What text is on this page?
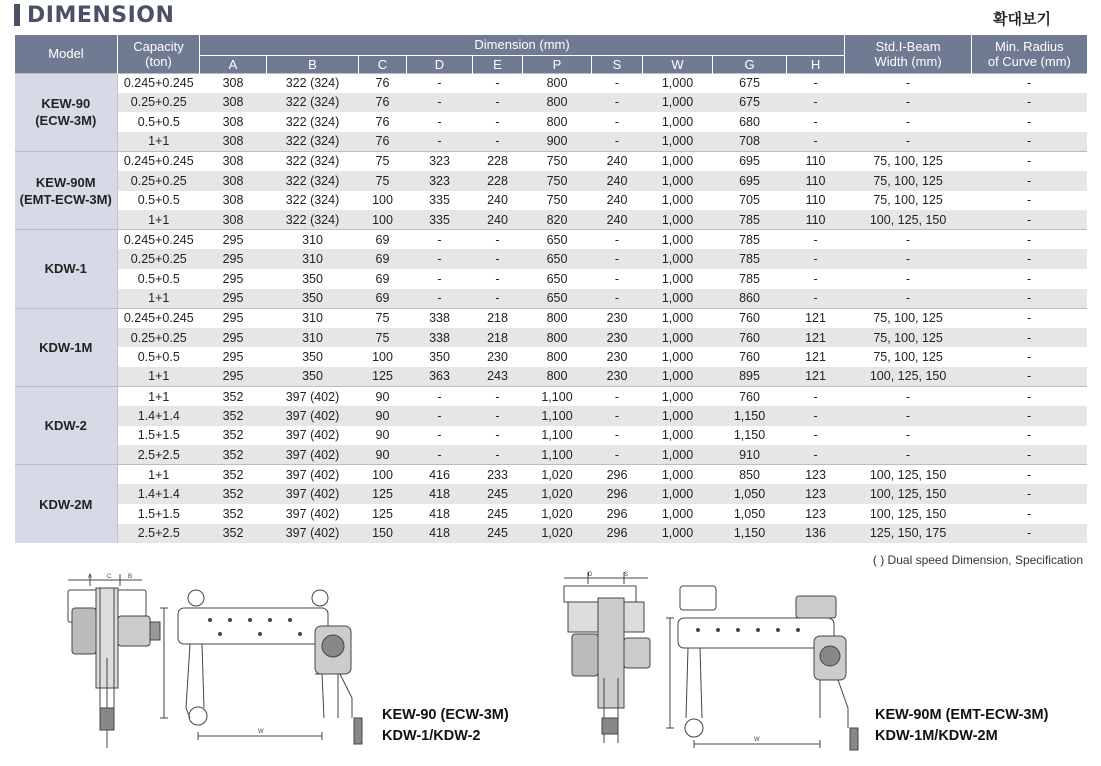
DIMENSION	확대보기
Model	Capacity
(ton)	Dimension (mm)										Std.I-Beam
Width (mm)	Min. Radius
of Curve (mm)
		A	B	C	D	E	P	S	W	G	H		

KEW-90
(ECW-3M)	0.245+0.245	308	322 (324)	76	-	-	800	-	1,000	675	-	-	-
	0.25+0.25	308	322 (324)	76	-	-	800	-	1,000	675	-	-	-
	0.5+0.5	308	322 (324)	76	-	-	800	-	1,000	680	-	-	-
	1+1	308	322 (324)	76	-	-	900	-	1,000	708	-	-	-

KEW-90M
(EMT-ECW-3M)	0.245+0.245	308	322 (324)	75	323	228	750	240	1,000	695	110	75, 100, 125	-
	0.25+0.25	308	322 (324)	75	323	228	750	240	1,000	695	110	75, 100, 125	-
	0.5+0.5	308	322 (324)	100	335	240	750	240	1,000	705	110	75, 100, 125	-
	1+1	308	322 (324)	100	335	240	820	240	1,000	785	110	100, 125, 150	-

KDW-1	0.245+0.245	295	310	69	-	-	650	-	1,000	785	-	-	-
	0.25+0.25	295	310	69	-	-	650	-	1,000	785	-	-	-
	0.5+0.5	295	350	69	-	-	650	-	1,000	785	-	-	-
	1+1	295	350	69	-	-	650	-	1,000	860	-	-	-

KDW-1M	0.245+0.245	295	310	75	338	218	800	230	1,000	760	121	75, 100, 125	-
	0.25+0.25	295	310	75	338	218	800	230	1,000	760	121	75, 100, 125	-
	0.5+0.5	295	350	100	350	230	800	230	1,000	760	121	75, 100, 125	-
	1+1	295	350	125	363	243	800	230	1,000	895	121	100, 125, 150	-

KDW-2	1+1	352	397 (402)	90	-	-	1,100	-	1,000	760	-	-	-
	1.4+1.4	352	397 (402)	90	-	-	1,100	-	1,000	1,150	-	-	-
	1.5+1.5	352	397 (402)	90	-	-	1,100	-	1,000	1,150	-	-	-
	2.5+2.5	352	397 (402)	90	-	-	1,100	-	1,000	910	-	-	-

KDW-2M	1+1	352	397 (402)	100	416	233	1,020	296	1,000	850	123	100, 125, 150	-
	1.4+1.4	352	397 (402)	125	418	245	1,020	296	1,000	1,050	123	100, 125, 150	-
	1.5+1.5	352	397 (402)	125	418	245	1,020	296	1,000	1,050	123	100, 125, 150	-
	2.5+2.5	352	397 (402)	150	418	245	1,020	296	1,000	1,150	136	125, 150, 175	-
( ) Dual speed Dimension, Specification
A C	B
W
KEW-90 (ECW-3M)
KDW-1/KDW-2
D	S
W
KEW-90M (EMT-ECW-3M)
KDW-1M/KDW-2M
